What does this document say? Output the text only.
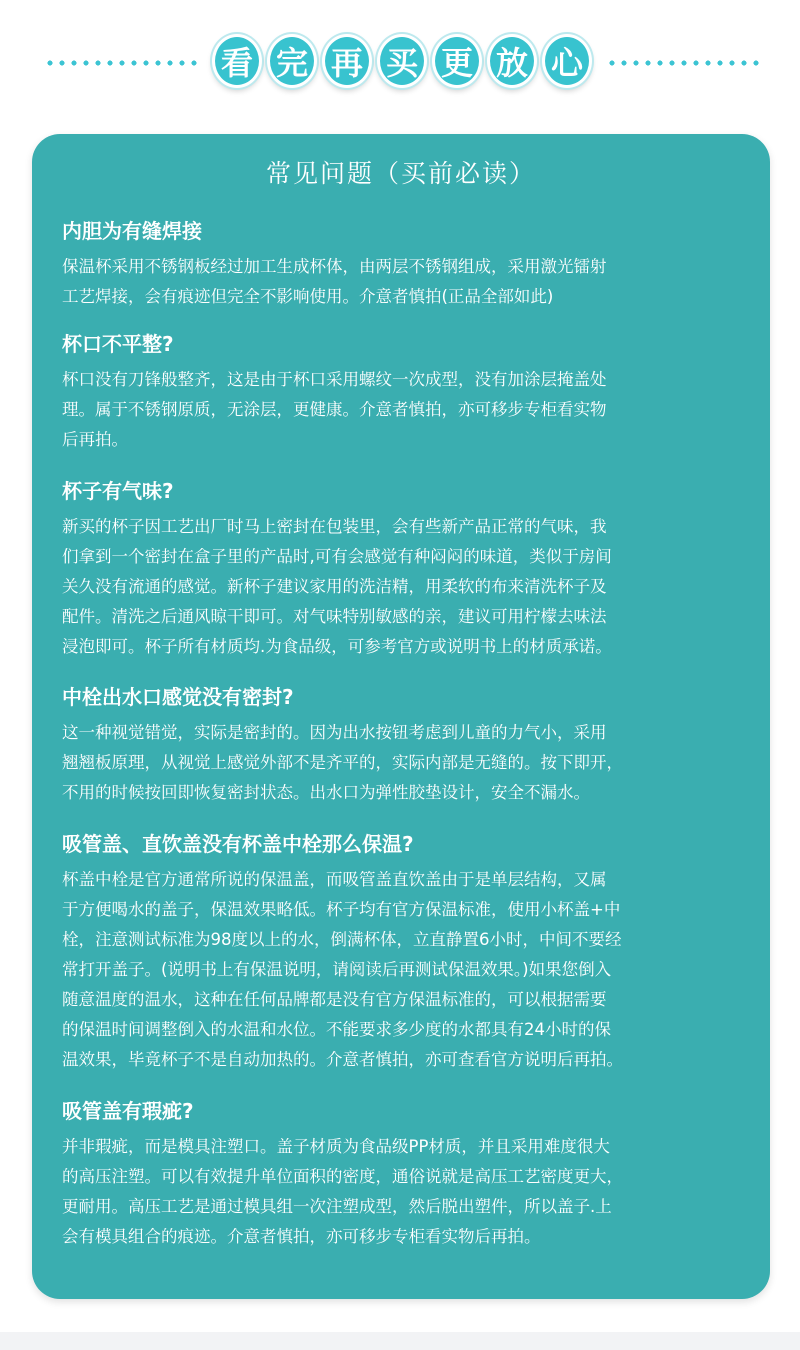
看 完 再 买 更 放 心
常见问题（买前必读）
内胆为有缝焊接
保温杯采用不锈钢板经过加工生成杯体，由两层不锈钢组成，采用激光镭射
工艺焊接，会有痕迹但完全不影响使用。介意者慎拍(正品全部如此)
杯口不平整?
杯口没有刀锋般整齐，这是由于杯口采用螺纹一次成型，没有加涂层掩盖处
理。属于不锈钢原质，无涂层，更健康。介意者慎拍，亦可移步专柜看实物
后再拍。
杯子有气味?
新买的杯子因工艺出厂时马上密封在包装里，会有些新产品正常的气味，我
们拿到一个密封在盒子里的产品时,可有会感觉有种闷闷的味道，类似于房间
关久没有流通的感觉。新杯子建议家用的洗洁精，用柔软的布来清洗杯子及
配件。清洗之后通风晾干即可。对气味特别敏感的亲，建议可用柠檬去味法
浸泡即可。杯子所有材质均.为食品级，可参考官方或说明书上的材质承诺。
中栓出水口感觉没有密封?
这一种视觉错觉，实际是密封的。因为出水按钮考虑到儿童的力气小，采用
翘翘板原理，从视觉上感觉外部不是齐平的，实际内部是无缝的。按下即开，
不用的时候按回即恢复密封状态。出水口为弹性胶垫设计，安全不漏水。
吸管盖、直饮盖没有杯盖中栓那么保温?
杯盖中栓是官方通常所说的保温盖，而吸管盖直饮盖由于是单层结构，又属
于方便喝水的盖子，保温效果略低。杯子均有官方保温标准，使用小杯盖+中
栓，注意测试标准为98度以上的水，倒满杯体，立直静置6小时，中间不要经
常打开盖子。(说明书上有保温说明，请阅读后再测试保温效果。)如果您倒入
随意温度的温水，这种在任何品牌都是没有官方保温标准的，可以根据需要
的保温时间调整倒入的水温和水位。不能要求多少度的水都具有24小时的保
温效果，毕竟杯子不是自动加热的。介意者慎拍，亦可查看官方说明后再拍。
吸管盖有瑕疵?
并非瑕疵，而是模具注塑口。盖子材质为食品级PP材质，并且采用难度很大
的高压注塑。可以有效提升单位面积的密度，通俗说就是高压工艺密度更大，
更耐用。高压工艺是通过模具组一次注塑成型，然后脱出塑件，所以盖子.上
会有模具组合的痕迹。介意者慎拍，亦可移步专柜看实物后再拍。
